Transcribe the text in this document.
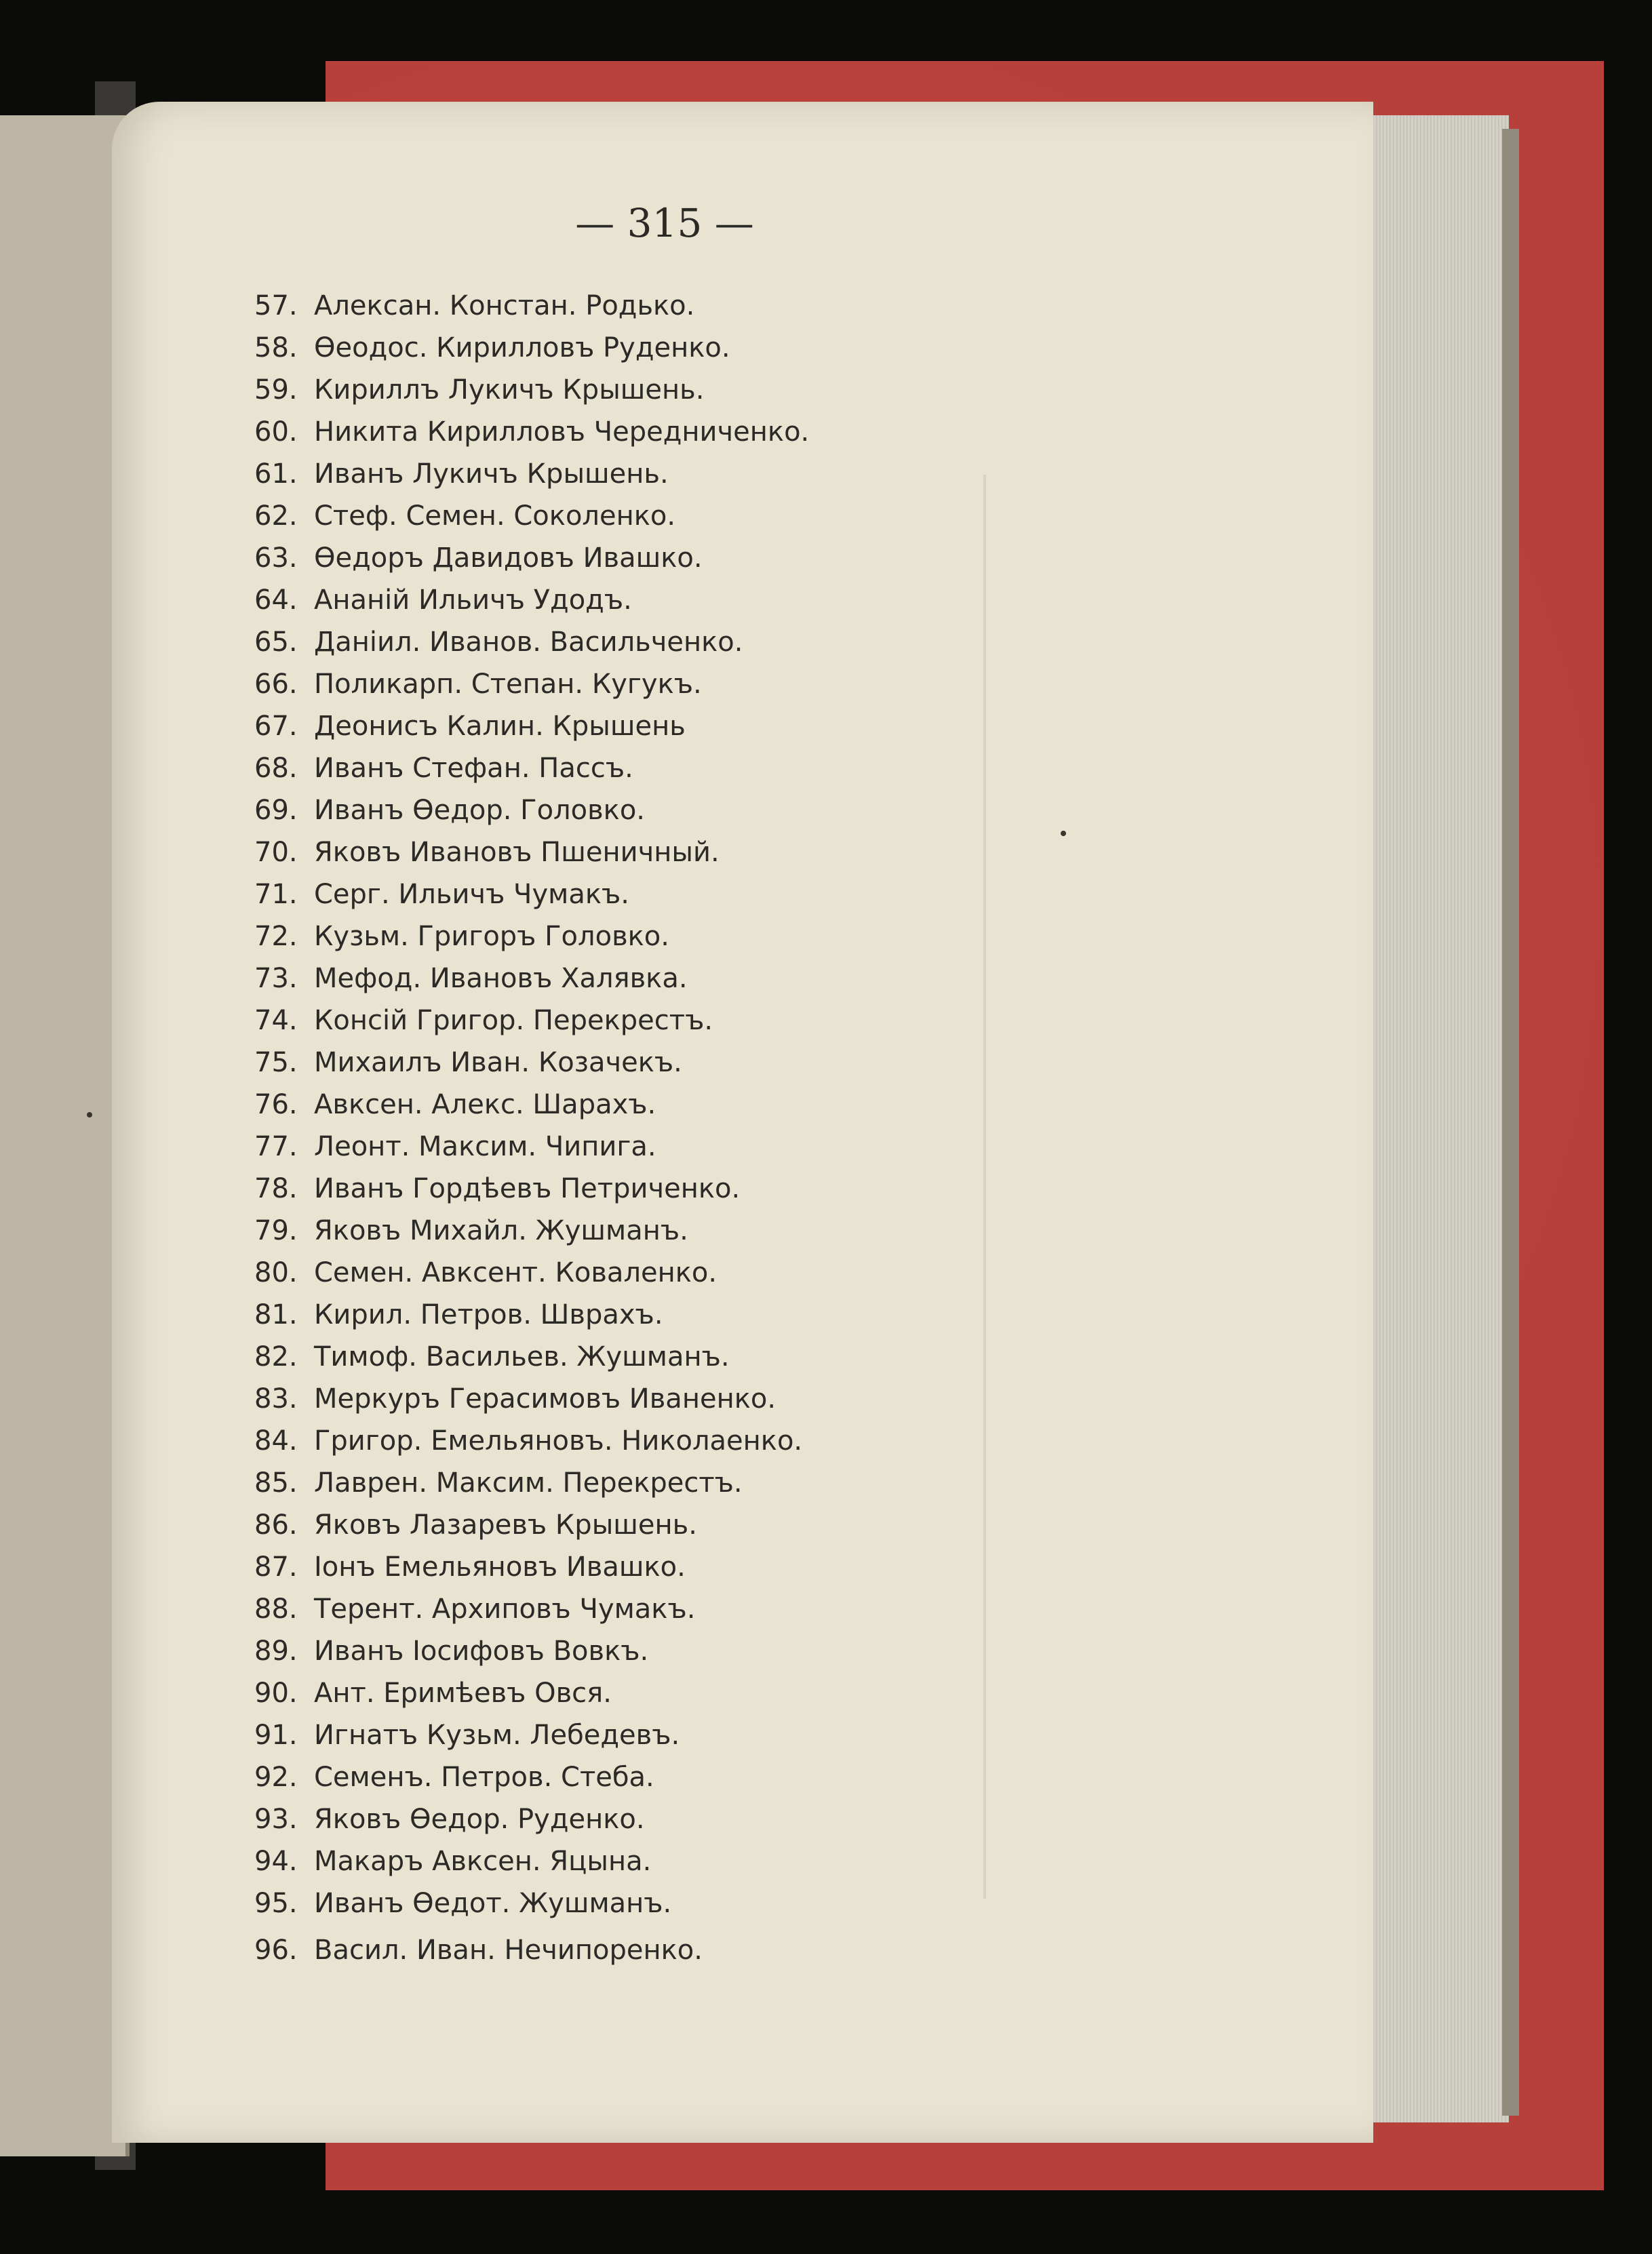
— 315 —
57. Алексан. Констан. Родько.
58. Ѳеодос. Кирилловъ Руденко.
59. Кириллъ Лукичъ Крышень.
60. Никита Кирилловъ Чередниченко.
61. Иванъ Лукичъ Крышень.
62. Стеф. Семен. Соколенко.
63. Ѳедоръ Давидовъ Ивашко.
64. Ананій Ильичъ Удодъ.
65. Даніил. Иванов. Васильченко.
66. Поликарп. Степан. Кугукъ.
67. Деонисъ Калин. Крышень
68. Иванъ Стефан. Пассъ.
69. Иванъ Ѳедор. Головко.
70. Яковъ Ивановъ Пшеничный.
71. Серг. Ильичъ Чумакъ.
72. Кузьм. Григоръ Головко.
73. Мефод. Ивановъ Халявка.
74. Консій Григор. Перекрестъ.
75. Михаилъ Иван. Козачекъ.
76. Авксен. Алекс. Шарахъ.
77. Леонт. Максим. Чипига.
78. Иванъ Гордѣевъ Петриченко.
79. Яковъ Михайл. Жушманъ.
80. Семен. Авксент. Коваленко.
81. Кирил. Петров. Шврахъ.
82. Тимоф. Васильев. Жушманъ.
83. Меркуръ Герасимовъ Иваненко.
84. Григор. Емельяновъ. Николаенко.
85. Лаврен. Максим. Перекрестъ.
86. Яковъ Лазаревъ Крышень.
87. Іонъ Емельяновъ Ивашко.
88. Терент. Архиповъ Чумакъ.
89. Иванъ Іосифовъ Вовкъ.
90. Ант. Еримѣевъ Овся.
91. Игнатъ Кузьм. Лебедевъ.
92. Семенъ. Петров. Стеба.
93. Яковъ Ѳедор. Руденко.
94. Макаръ Авксен. Яцына.
95. Иванъ Ѳедот. Жушманъ.
96. Васил. Иван. Нечипоренко.
